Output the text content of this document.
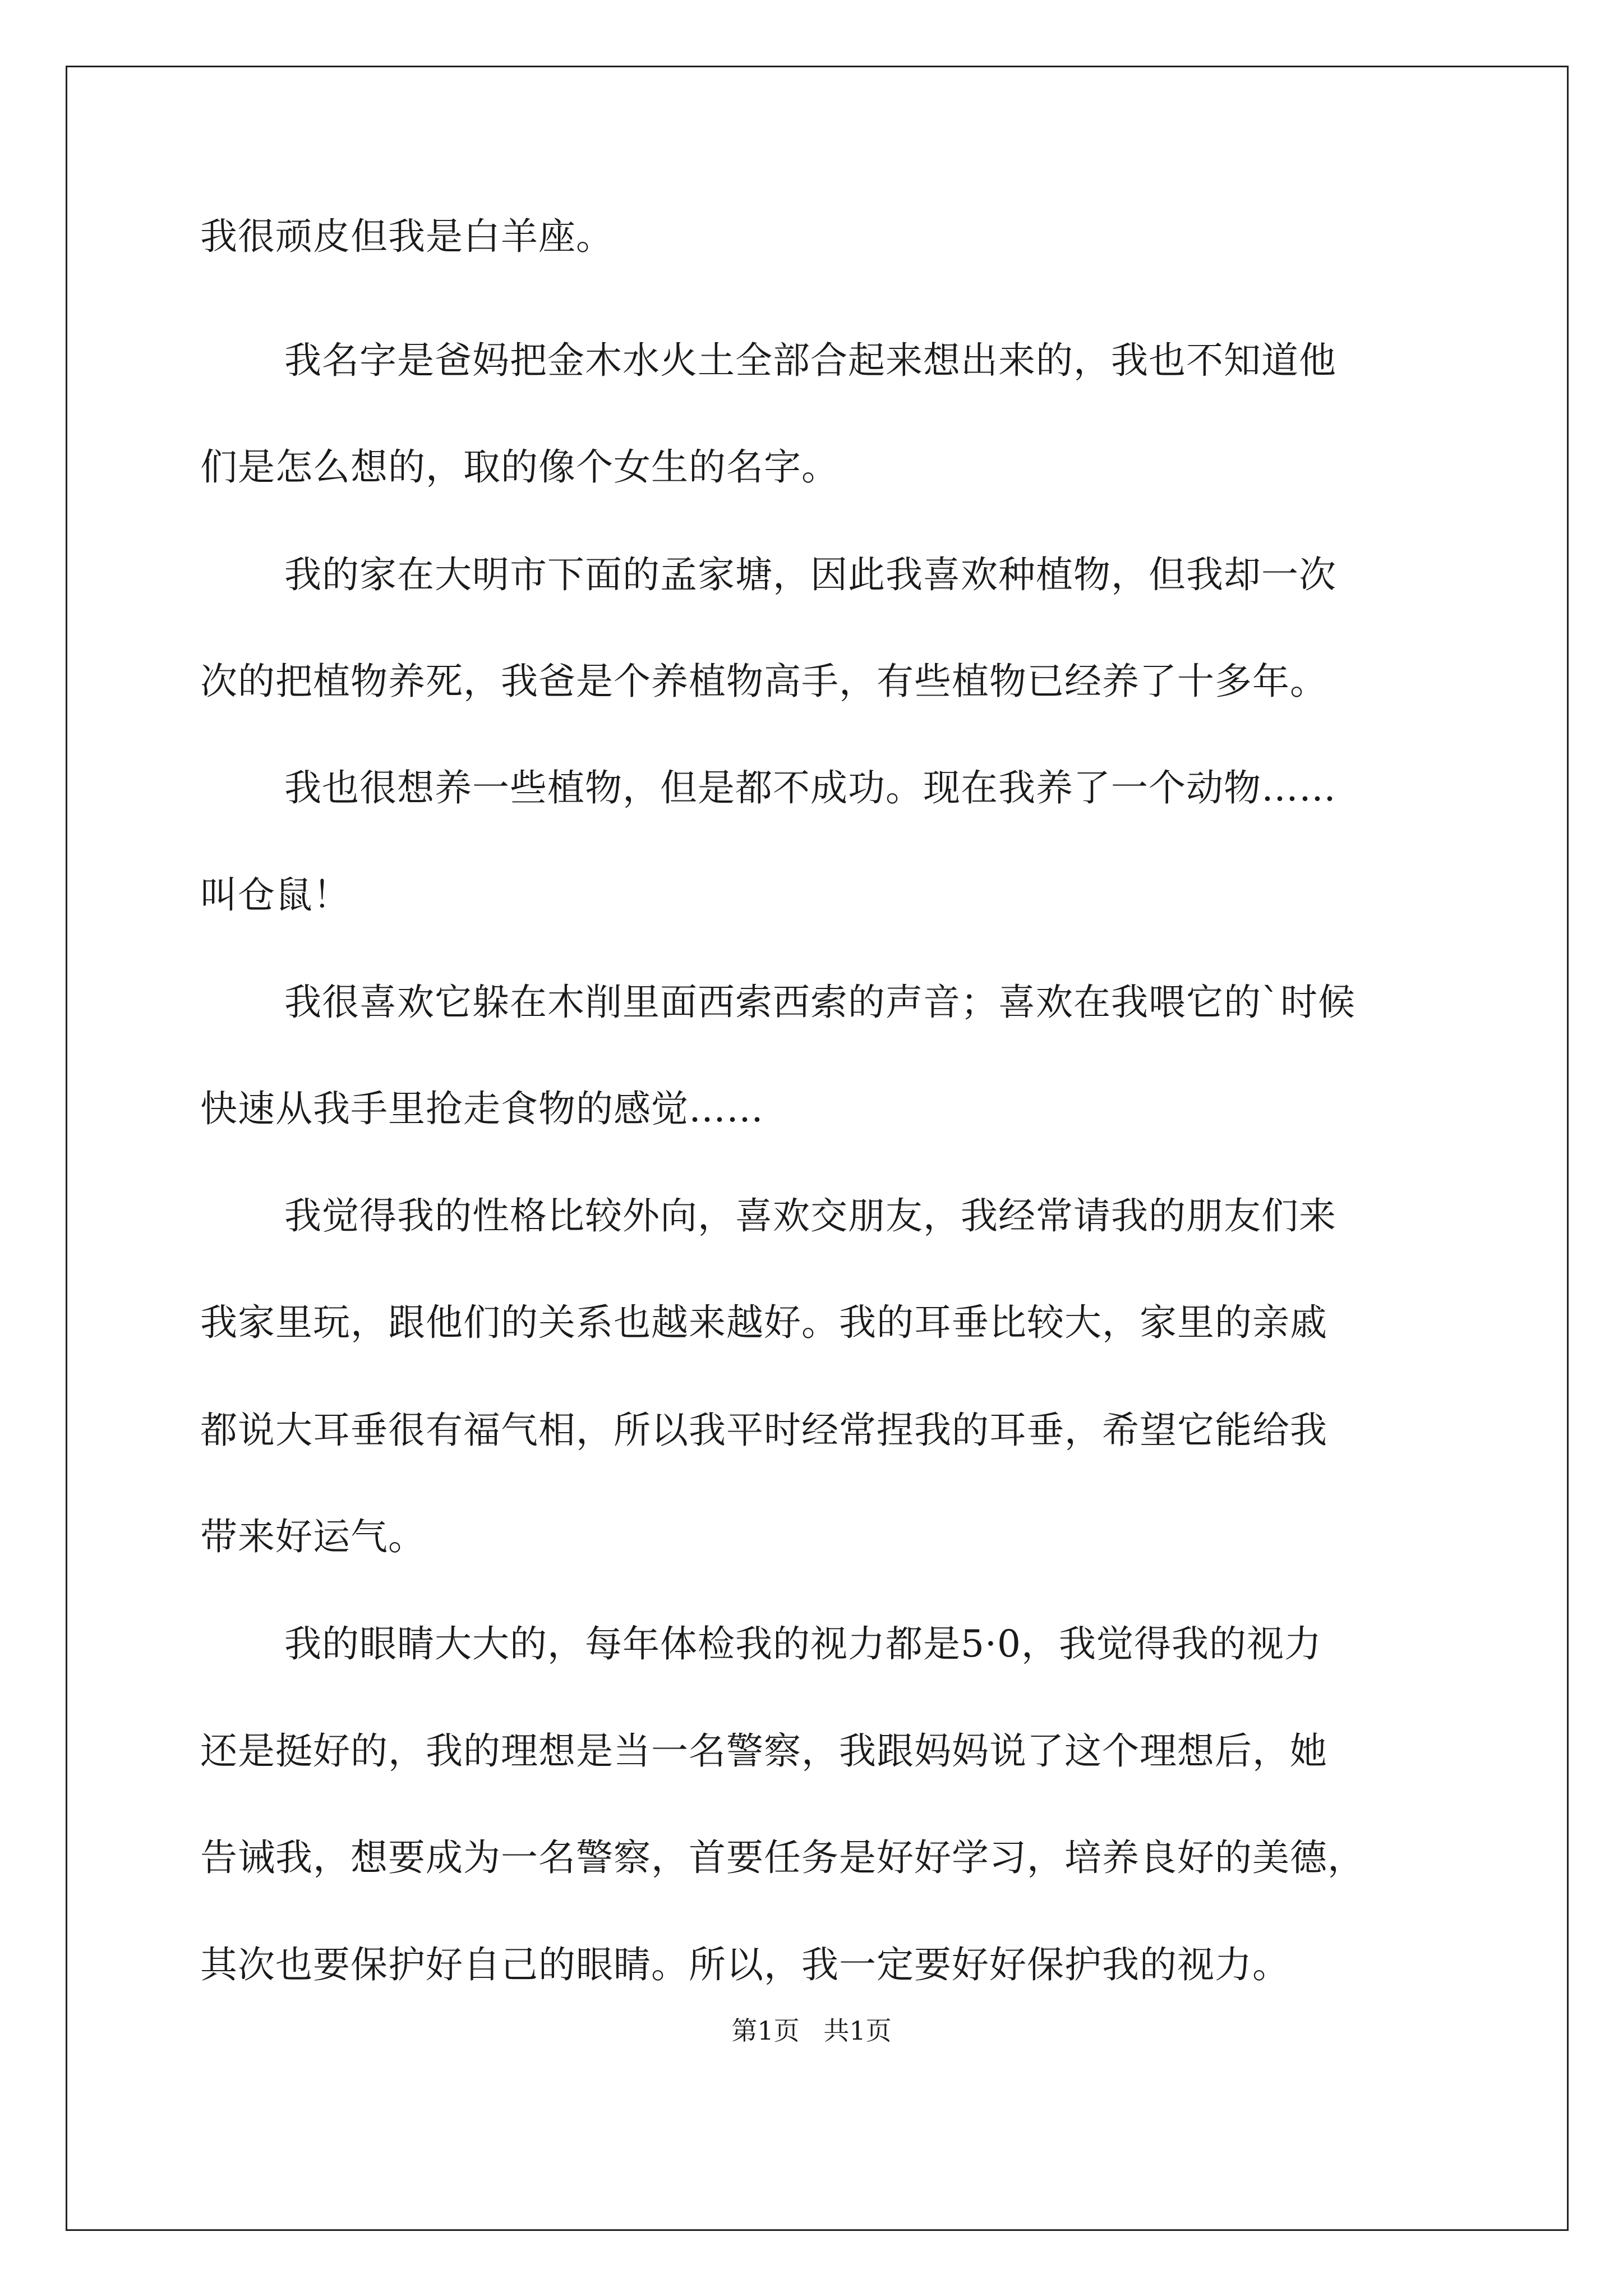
我很顽皮但我是白羊座。
我名字是爸妈把金木水火土全部合起来想出来的，我也不知道他
们是怎么想的，取的像个女生的名字。
我的家在大明市下面的孟家塘，因此我喜欢种植物，但我却一次
次的把植物养死，我爸是个养植物高手，有些植物已经养了十多年。
我也很想养一些植物，但是都不成功。现在我养了一个动物……
叫仓鼠！
我很喜欢它躲在木削里面西索西索的声音；喜欢在我喂它的`时候
快速从我手里抢走食物的感觉……
我觉得我的性格比较外向，喜欢交朋友，我经常请我的朋友们来
我家里玩，跟他们的关系也越来越好。我的耳垂比较大，家里的亲戚
都说大耳垂很有福气相，所以我平时经常捏我的耳垂，希望它能给我
带来好运气。
我的眼睛大大的，每年体检我的视力都是5·0，我觉得我的视力
还是挺好的，我的理想是当一名警察，我跟妈妈说了这个理想后，她
告诫我，想要成为一名警察，首要任务是好好学习，培养良好的美德，
其次也要保护好自己的眼睛。所以，我一定要好好保护我的视力。
第1页 共1页
